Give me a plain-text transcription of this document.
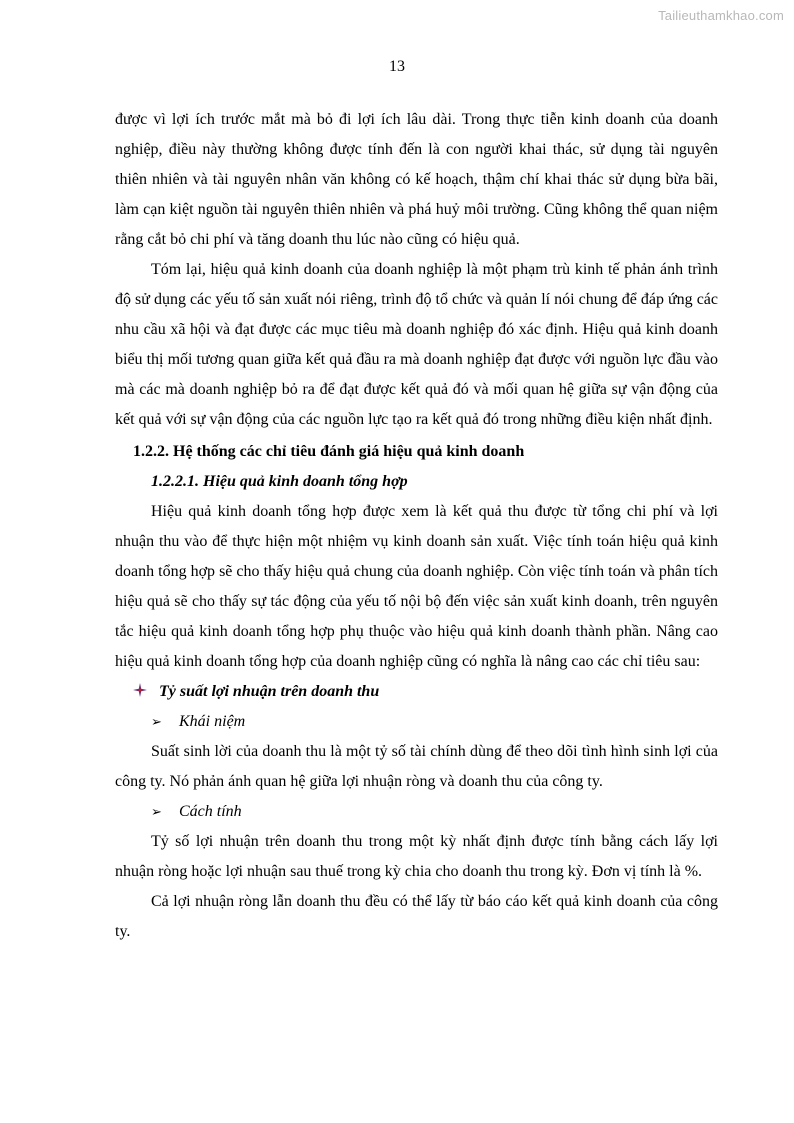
Tailieuthamkhao.com
13

được vì lợi ích trước mắt mà bỏ đi lợi ích lâu dài. Trong thực tiễn kinh doanh của doanh nghiệp, điều này thường không được tính đến là con người khai thác, sử dụng tài nguyên thiên nhiên và tài nguyên nhân văn không có kế hoạch, thậm chí khai thác sử dụng bừa bãi, làm cạn kiệt nguồn tài nguyên thiên nhiên và phá huỷ môi trường. Cũng không thể quan niệm rằng cắt bỏ chi phí và tăng doanh thu lúc nào cũng có hiệu quả.

Tóm lại, hiệu quả kinh doanh của doanh nghiệp là một phạm trù kinh tế phản ánh trình độ sử dụng các yếu tố sản xuất nói riêng, trình độ tổ chức và quản lí nói chung để đáp ứng các nhu cầu xã hội và đạt được các mục tiêu mà doanh nghiệp đó xác định. Hiệu quả kinh doanh biểu thị mối tương quan giữa kết quả đầu ra mà doanh nghiệp đạt được với nguồn lực đầu vào mà các mà doanh nghiệp bỏ ra để đạt được kết quả đó và mối quan hệ giữa sự vận động của kết quả với sự vận động của các nguồn lực tạo ra kết quả đó trong những điều kiện nhất định.

1.2.2. Hệ thống các chỉ tiêu đánh giá hiệu quả kinh doanh

1.2.2.1. Hiệu quả kinh doanh tổng hợp

Hiệu quả kinh doanh tổng hợp được xem là kết quả thu được từ tổng chi phí và lợi nhuận thu vào để thực hiện một nhiệm vụ kinh doanh sản xuất. Việc tính toán hiệu quả kinh doanh tổng hợp sẽ cho thấy hiệu quả chung của doanh nghiệp. Còn việc tính toán và phân tích hiệu quả sẽ cho thấy sự tác động của yếu tố nội bộ đến việc sản xuất kinh doanh, trên nguyên tắc hiệu quả kinh doanh tổng hợp phụ thuộc vào hiệu quả kinh doanh thành phần. Nâng cao hiệu quả kinh doanh tổng hợp của doanh nghiệp cũng có nghĩa là nâng cao các chỉ tiêu sau:

Tỷ suất lợi nhuận trên doanh thu

➢ Khái niệm

Suất sinh lời của doanh thu là một tỷ số tài chính dùng để theo dõi tình hình sinh lợi của công ty. Nó phản ánh quan hệ giữa lợi nhuận ròng và doanh thu của công ty.

➢ Cách tính

Tỷ số lợi nhuận trên doanh thu trong một kỳ nhất định được tính bằng cách lấy lợi nhuận ròng hoặc lợi nhuận sau thuế trong kỳ chia cho doanh thu trong kỳ. Đơn vị tính là %.

Cả lợi nhuận ròng lẫn doanh thu đều có thể lấy từ báo cáo kết quả kinh doanh của công ty.
